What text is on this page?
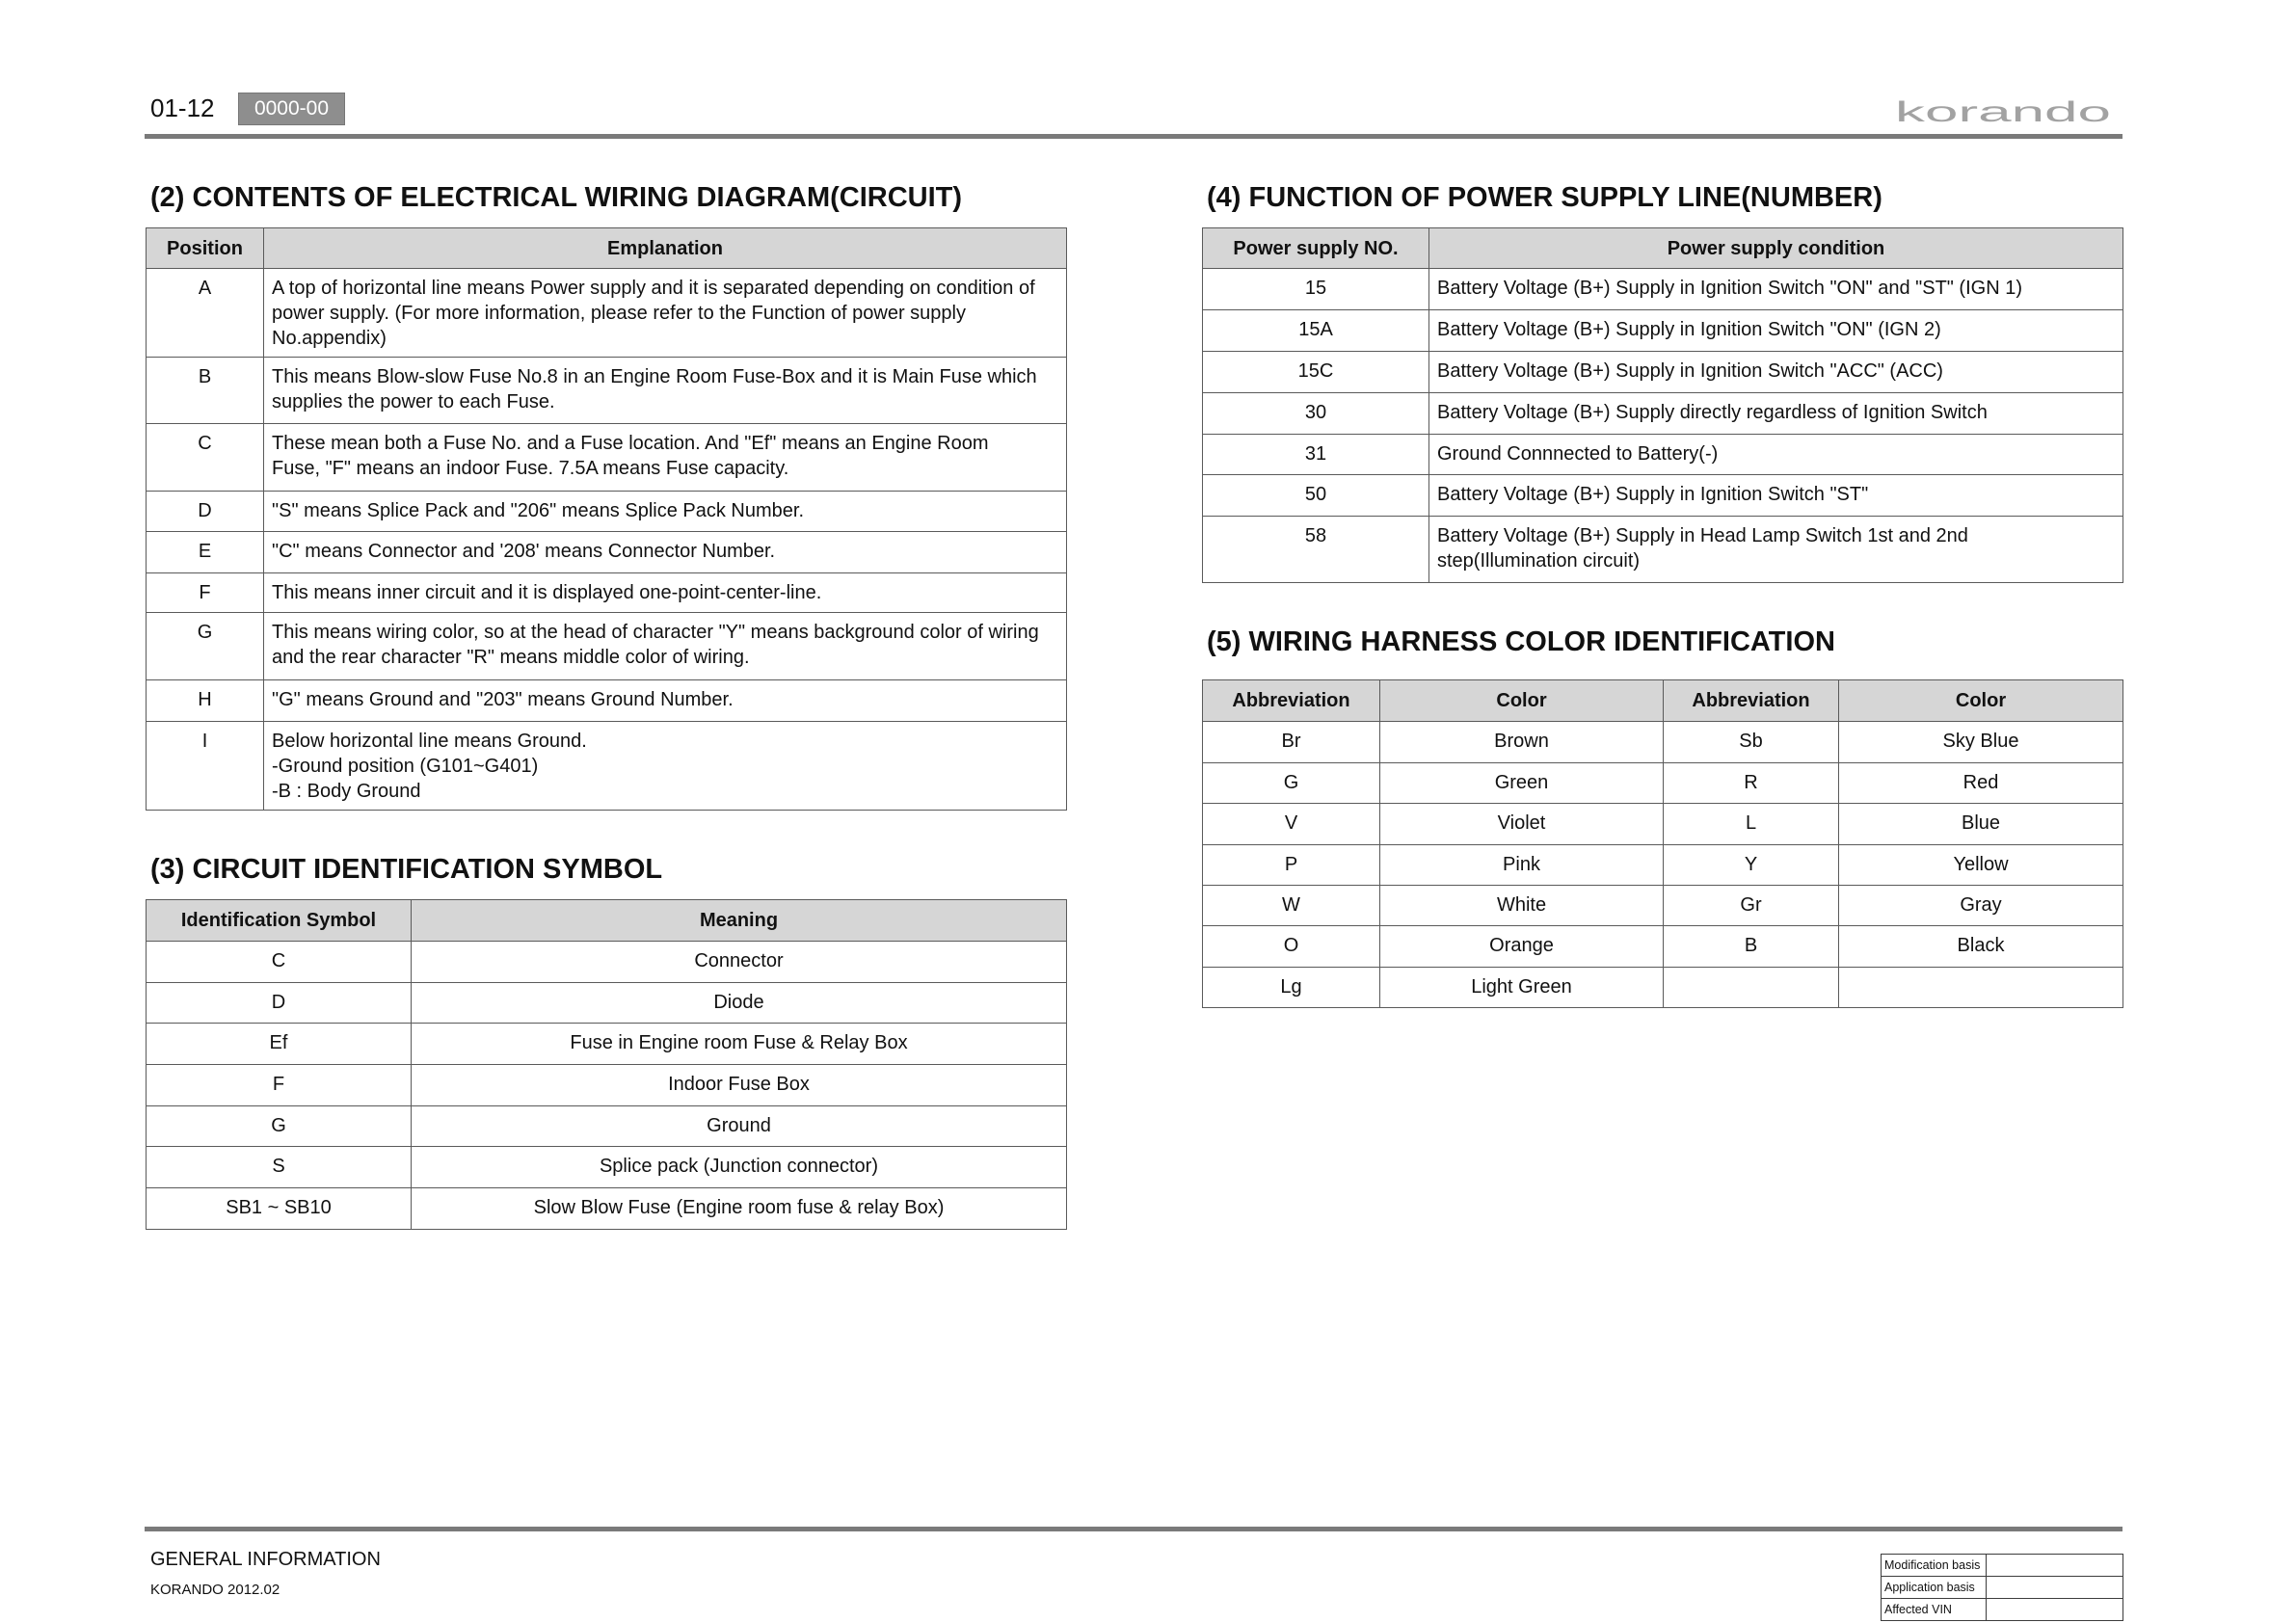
01-12	0000-00	korando
(2) CONTENTS OF ELECTRICAL WIRING DIAGRAM(CIRCUIT)
Position	Emplanation
A	A top of horizontal line means Power supply and it is separated depending on condition of
power supply. (For more information, please refer to the Function of power supply
No.appendix)

B	This means Blow-slow Fuse No.8 in an Engine Room Fuse-Box and it is Main Fuse which
supplies the power to each Fuse.

C	These mean both a Fuse No. and a Fuse location. And "Ef" means an Engine Room
Fuse, "F" means an indoor Fuse. 7.5A means Fuse capacity.

D	"S" means Splice Pack and "206" means Splice Pack Number.

E	"C" means Connector and '208' means Connector Number.

F	This means inner circuit and it is displayed one-point-center-line.

G	This means wiring color, so at the head of character "Y" means background color of wiring
and the rear character "R" means middle color of wiring.

H	"G" means Ground and "203" means Ground Number.

I	Below horizontal line means Ground.
-Ground position (G101~G401)
-B : Body Ground
(3) CIRCUIT IDENTIFICATION SYMBOL
Identification Symbol	Meaning
C	Connector
D	Diode
Ef	Fuse in Engine room Fuse & Relay Box
F	Indoor Fuse Box
G	Ground
S	Splice pack (Junction connector)
SB1 ~ SB10	Slow Blow Fuse (Engine room fuse & relay Box)
(4) FUNCTION OF POWER SUPPLY LINE(NUMBER)
Power supply NO.	Power supply condition
15	Battery Voltage (B+) Supply in Ignition Switch "ON" and "ST" (IGN 1)

15A	Battery Voltage (B+) Supply in Ignition Switch "ON" (IGN 2)

15C	Battery Voltage (B+) Supply in Ignition Switch "ACC" (ACC)

30	Battery Voltage (B+) Supply directly regardless of Ignition Switch

31	Ground Connnected to Battery(-)

50	Battery Voltage (B+) Supply in Ignition Switch "ST"

58	Battery Voltage (B+) Supply in Head Lamp Switch 1st and 2nd
step(Illumination circuit)
(5) WIRING HARNESS COLOR IDENTIFICATION
Abbreviation	Color	Abbreviation	Color
Br	Brown	Sb	Sky Blue
G	Green	R	Red
V	Violet	L	Blue
P	Pink	Y	Yellow
W	White	Gr	Gray
O	Orange	B	Black
Lg	Light Green		
GENERAL INFORMATION
KORANDO 2012.02
Modification basis	
Application basis	
Affected VIN	
